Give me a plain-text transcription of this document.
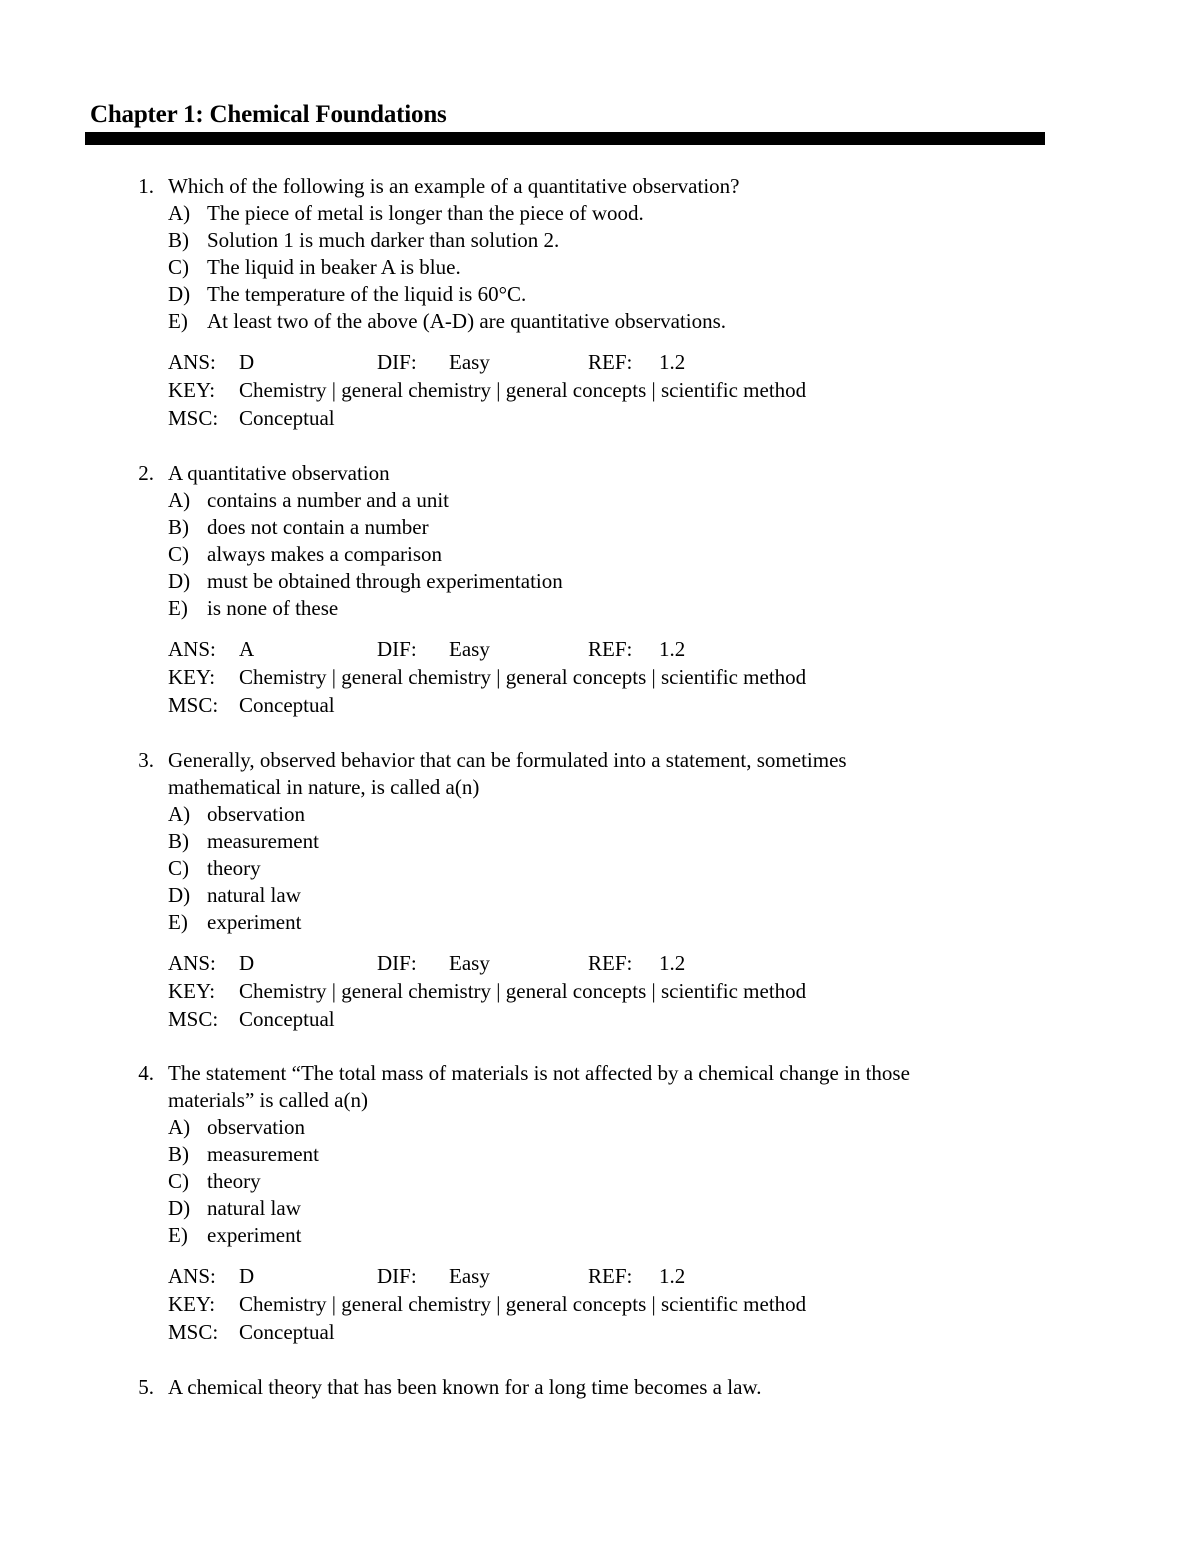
Chapter 1: Chemical Foundations
1. Which of the following is an example of a quantitative observation?
A) The piece of metal is longer than the piece of wood.
B) Solution 1 is much darker than solution 2.
C) The liquid in beaker A is blue.
D) The temperature of the liquid is 60°C.
E) At least two of the above (A-D) are quantitative observations.
ANS: D	DIF: Easy	REF: 1.2
KEY: Chemistry | general chemistry | general concepts | scientific method
MSC: Conceptual
2. A quantitative observation
A) contains a number and a unit
B) does not contain a number
C) always makes a comparison
D) must be obtained through experimentation
E) is none of these
ANS: A	DIF: Easy	REF: 1.2
KEY: Chemistry | general chemistry | general concepts | scientific method
MSC: Conceptual
3. Generally, observed behavior that can be formulated into a statement, sometimes
mathematical in nature, is called a(n)
A) observation
B) measurement
C) theory
D) natural law
E) experiment
ANS: D	DIF: Easy	REF: 1.2
KEY: Chemistry | general chemistry | general concepts | scientific method
MSC: Conceptual
4. The statement “The total mass of materials is not affected by a chemical change in those
materials” is called a(n)
A) observation
B) measurement
C) theory
D) natural law
E) experiment
ANS: D	DIF: Easy	REF: 1.2
KEY: Chemistry | general chemistry | general concepts | scientific method
MSC: Conceptual
5. A chemical theory that has been known for a long time becomes a law.
